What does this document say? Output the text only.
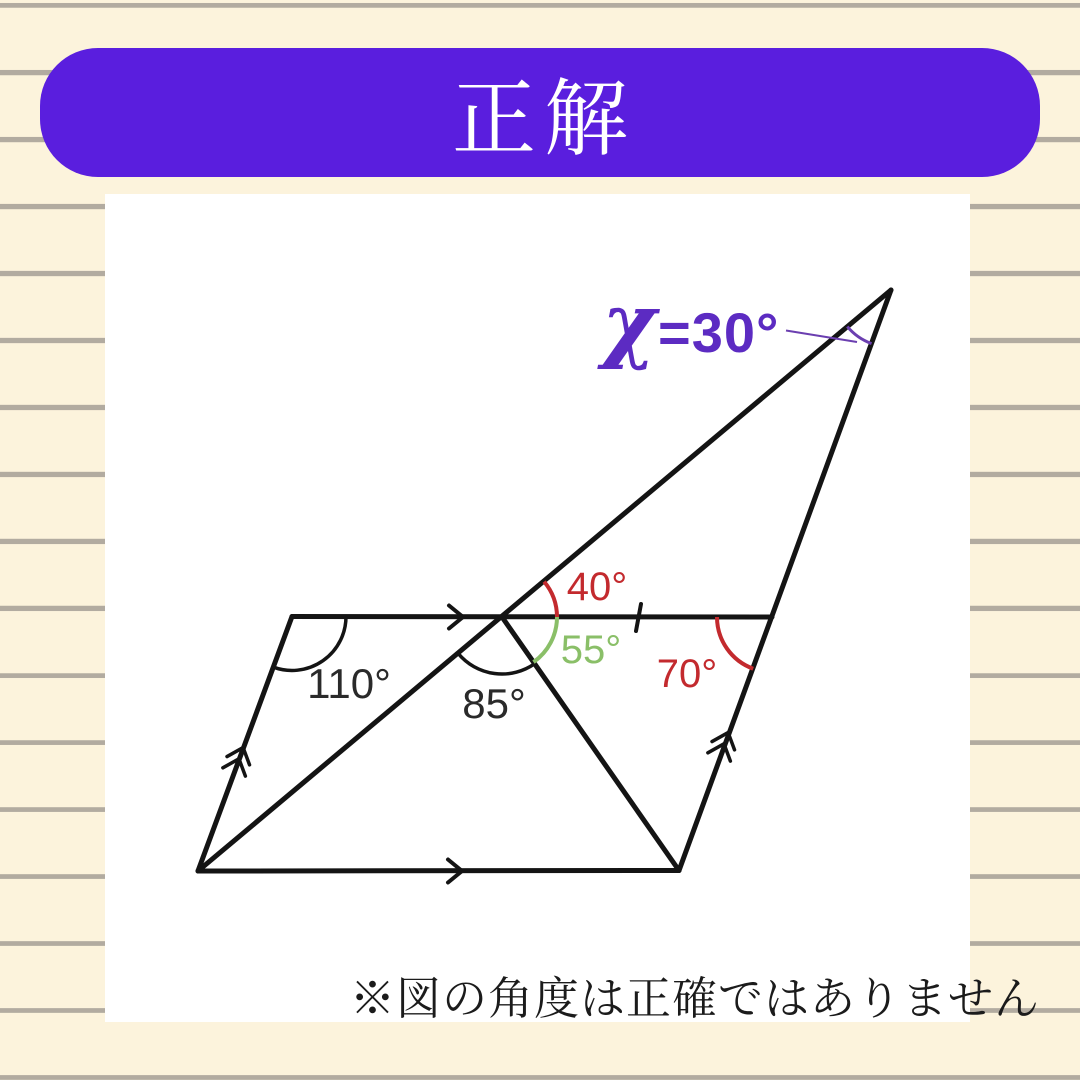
正解
110° 85°
40°
55°
70°
χ =30°
※図の角度は正確ではありません
